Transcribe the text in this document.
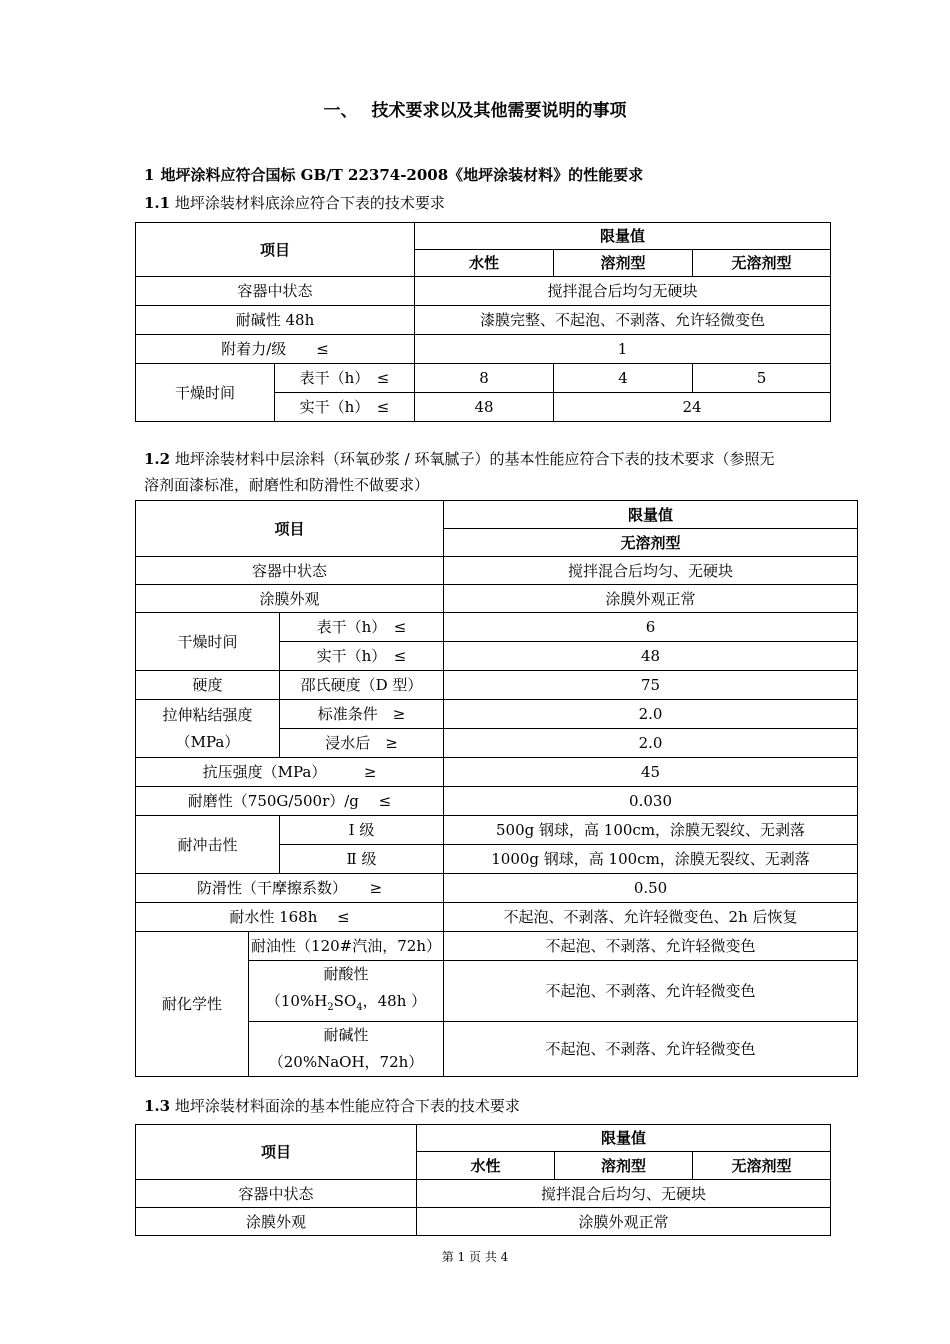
一、 技术要求以及其他需要说明的事项
1 地坪涂料应符合国标 GB/T 22374-2008《地坪涂装材料》的性能要求
1.1 地坪涂装材料底涂应符合下表的技术要求
项目		限量值		
		水性	溶剂型	无溶剂型
容器中状态		搅拌混合后均匀无硬块		
耐碱性 48h		漆膜完整、不起泡、不剥落、允许轻微变色		
附着力/级　　≤		1		
干燥时间	表干（h）　≤	8	4	5
	实干（h）　≤	48	24	
1.2 地坪涂装材料中层涂料（环氧砂浆 / 环氧腻子）的基本性能应符合下表的技术要求（参照无
溶剂面漆标准，耐磨性和防滑性不做要求）
项目			限量值
			无溶剂型
容器中状态			搅拌混合后均匀、无硬块
涂膜外观			涂膜外观正常
干燥时间		表干（h）　≤	6
		实干（h）　≤	48
硬度		邵氏硬度（D 型）	75

拉伸粘结强度
（MPa）		标准条件　≥	2.0
		浸水后　≥	2.0
抗压强度（MPa）　　　≥			45
耐磨性（750G/500r）/g　 ≤			0.030
耐冲击性		I 级	500g 钢球，高 100cm，涂膜无裂纹、无剥落
		Ⅱ 级	1000g 钢球，高 100cm，涂膜无裂纹、无剥落
防滑性（干摩擦系数）　　≥			0.50
耐水性 168h　 ≤			不起泡、不剥落、允许轻微变色、2h 后恢复
耐化学性	耐油性（120#汽油，72h）		不起泡、不剥落、允许轻微变色

	耐酸性
（$10\%H_2SO_4$，48h ）		不起泡、不剥落、允许轻微变色

	耐碱性
（20%NaOH，72h）		不起泡、不剥落、允许轻微变色
1.3 地坪涂装材料面涂的基本性能应符合下表的技术要求
项目	限量值		
	水性	溶剂型	无溶剂型
容器中状态	搅拌混合后均匀、无硬块		
涂膜外观	涂膜外观正常		
第 1 页 共 4
